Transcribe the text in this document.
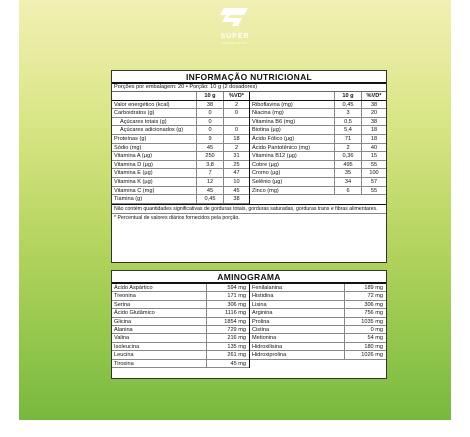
SUPER
NUTRITION
INFORMAÇÃO NUTRICIONAL
Porções por embalagem: 20 • Porção: 10 g (2 dosadores)
10 g	%VD*
Valor energético (kcal)	38	2
Carboidratos (g)	0	0
Açúcares totais (g)	0
Açúcares adicionados (g)	0	0
Proteínas (g)	9	18
Sódio (mg)	45	2
Vitamina A (µg)	250	31
Vitamina D (µg)	3,8	25
Vitamina E (µg)	7	47
Vitamina K (µg)	12	10
Vitamina C (mg)	45	45
Tiamina (g)	0,45	38
10 g	%VD*
Riboflavina (mg)	0,45	38
Niacina (mg)	3	20
Vitamina B6 (mg)	0,5	38
Biotina (µg)	5,4	18
Ácido Fólico (µg)	71	18
Ácido Pantotênico (mg)	2	40
Vitamina B12 (µg)	0,36	15
Cobre (µg)	495	55
Cromo (µg)	35	100
Selênio (µg)	34	57
Zinco (mg)	6	55
Não contém quantidades significativas de gorduras totais, gorduras saturadas, gorduras trans e fibras alimentares.
* Percentual de valores diários fornecidos pela porção.
AMINOGRAMA
Ácido Aspártico	594 mg
Treonina	171 mg
Serina	306 mg
Ácido Glutâmico	1116 mg
Glicina	1854 mg
Alanina	729 mg
Valina	216 mg
Isoleucina	135 mg
Leucina	261 mg
Tirosina	45 mg
Fenilalanina	189 mg
Histidina	72 mg
Lisina	306 mg
Arginina	756 mg
Prolina	1035 mg
Cistina	0 mg
Metionina	54 mg
Hidroxilisina	180 mg
Hidroxiprolina	1026 mg
